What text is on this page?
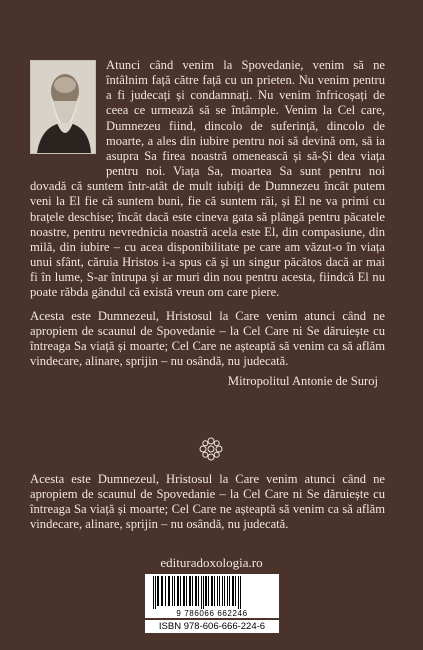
Atunci când venim la Spovedanie, venim să ne întâlnim față către față cu un prieten. Nu venim pentru a fi judecați și condamnați. Nu venim înfricoșați de ceea ce urmează să se întâmple. Venim la Cel care, Dumnezeu fiind, dincolo de suferință, dincolo de moarte, a ales din iubire pentru noi să devină om, să ia asupra Sa firea noastră omenească și să-Și dea viața pentru noi. Viața Sa, moartea Sa sunt pentru noi dovadă că suntem într-atât de mult iubiți de Dumnezeu încât putem veni la El fie că suntem buni, fie că suntem răi, și El ne va primi cu brațele deschise; încât dacă este cineva gata să plângă pentru păcatele noastre, pentru nevrednicia noastră acela este El, din compasiune, din milă, din iubire – cu acea disponibilitate pe care am văzut-o în viața unui sfânt, căruia Hristos i-a spus că și un singur păcătos dacă ar mai fi în lume, S-ar întrupa și ar muri din nou pentru acesta, fiindcă El nu poate răbda gândul că există vreun om care piere.

Acesta este Dumnezeul, Hristosul la Care venim atunci când ne apropiem de scaunul de Spovedanie – la Cel Care ni Se dăruiește cu întreaga Sa viață și moarte; Cel Care ne așteaptă să venim ca să aflăm vindecare, alinare, sprijin – nu osândă, nu judecată.

Mitropolitul Antonie de Suroj
Acesta este Dumnezeul, Hristosul la Care venim atunci când ne apropiem de scaunul de Spovedanie – la Cel Care ni Se dăruiește cu întreaga Sa viață și moarte; Cel Care ne așteaptă să venim ca să aflăm vindecare, alinare, sprijin – nu osândă, nu judecată.
edituradoxologia.ro
9 786066 662246
ISBN 978-606-666-224-6
